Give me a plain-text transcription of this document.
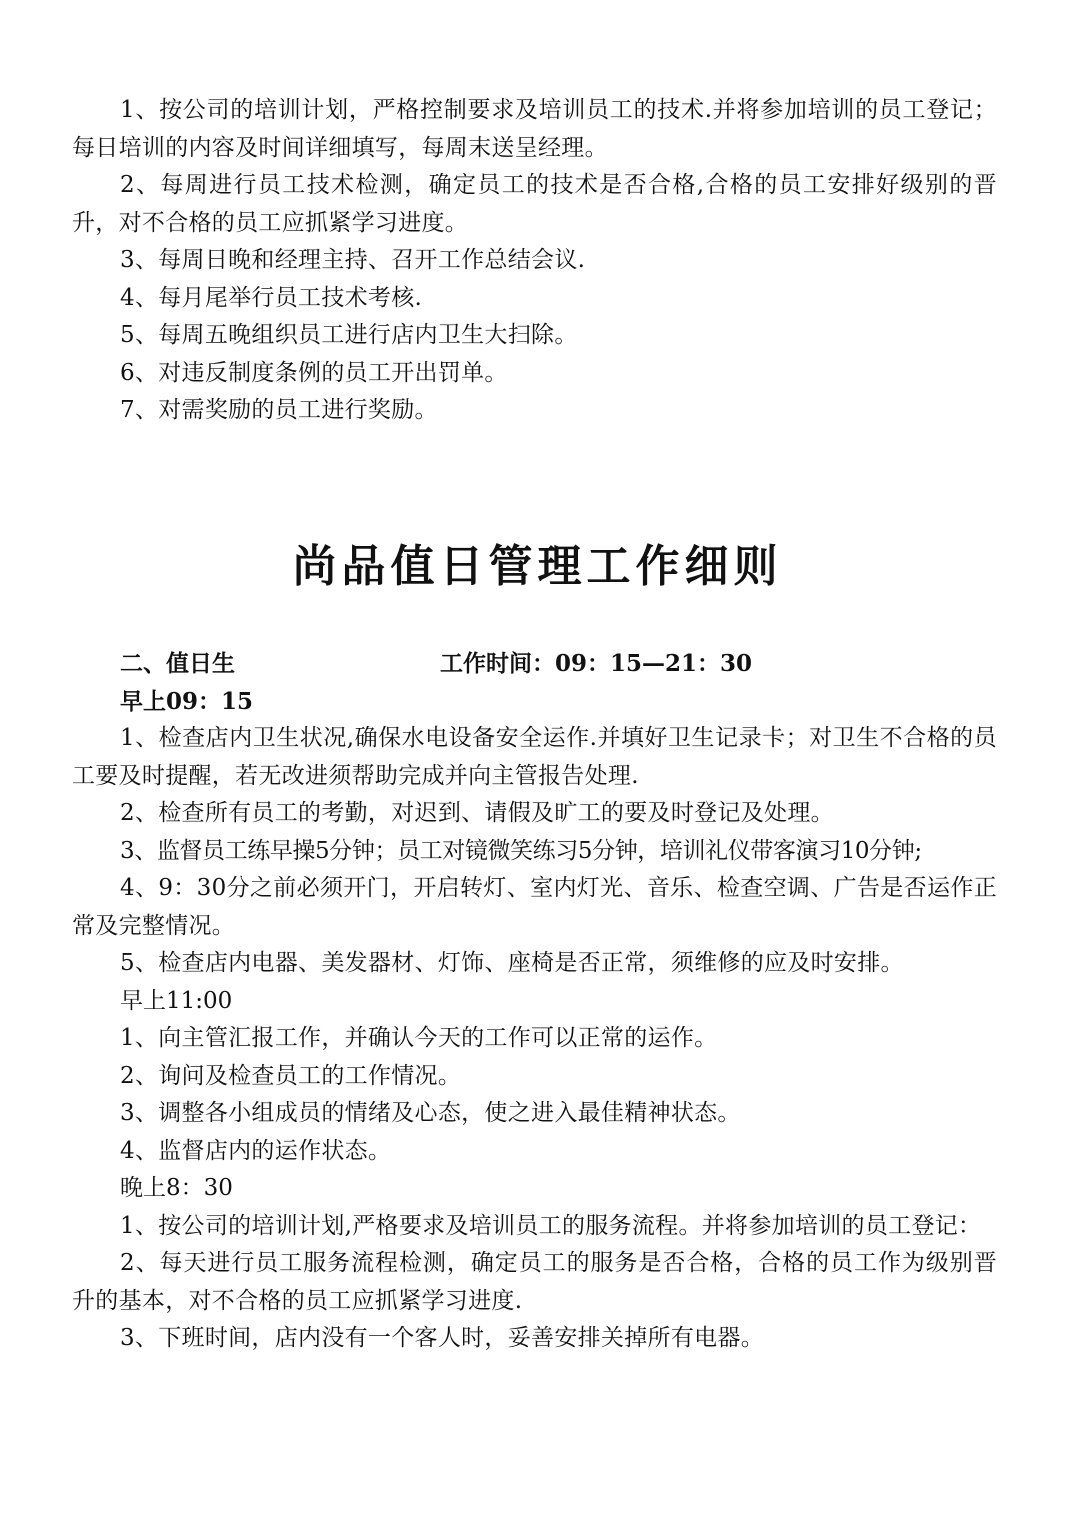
1、按公司的培训计划，严格控制要求及培训员工的技术.并将参加培训的员工登记；每日培训的内容及时间详细填写，每周末送呈经理。

2、每周进行员工技术检测，确定员工的技术是否合格,合格的员工安排好级别的晋升，对不合格的员工应抓紧学习进度。

3、每周日晚和经理主持、召开工作总结会议.

4、每月尾举行员工技术考核.

5、每周五晚组织员工进行店内卫生大扫除。

6、对违反制度条例的员工开出罚单。

7、对需奖励的员工进行奖励。

尚品值日管理工作细则
二、值日生	工作时间：09：15—21：30

早上09：15

1、检查店内卫生状况,确保水电设备安全运作.并填好卫生记录卡；对卫生不合格的员工要及时提醒，若无改进须帮助完成并向主管报告处理.

2、检查所有员工的考勤，对迟到、请假及旷工的要及时登记及处理。

3、监督员工练早操5分钟；员工对镜微笑练习5分钟，培训礼仪带客演习10分钟;

4、9：30分之前必须开门，开启转灯、室内灯光、音乐、检查空调、广告是否运作正常及完整情况。

5、检查店内电器、美发器材、灯饰、座椅是否正常，须维修的应及时安排。

早上11:00

1、向主管汇报工作，并确认今天的工作可以正常的运作。

2、询问及检查员工的工作情况。

3、调整各小组成员的情绪及心态，使之进入最佳精神状态。

4、监督店内的运作状态。

晚上8：30

1、按公司的培训计划,严格要求及培训员工的服务流程。并将参加培训的员工登记：

2、每天进行员工服务流程检测，确定员工的服务是否合格，合格的员工作为级别晋升的基本，对不合格的员工应抓紧学习进度.

3、下班时间，店内没有一个客人时，妥善安排关掉所有电器。
